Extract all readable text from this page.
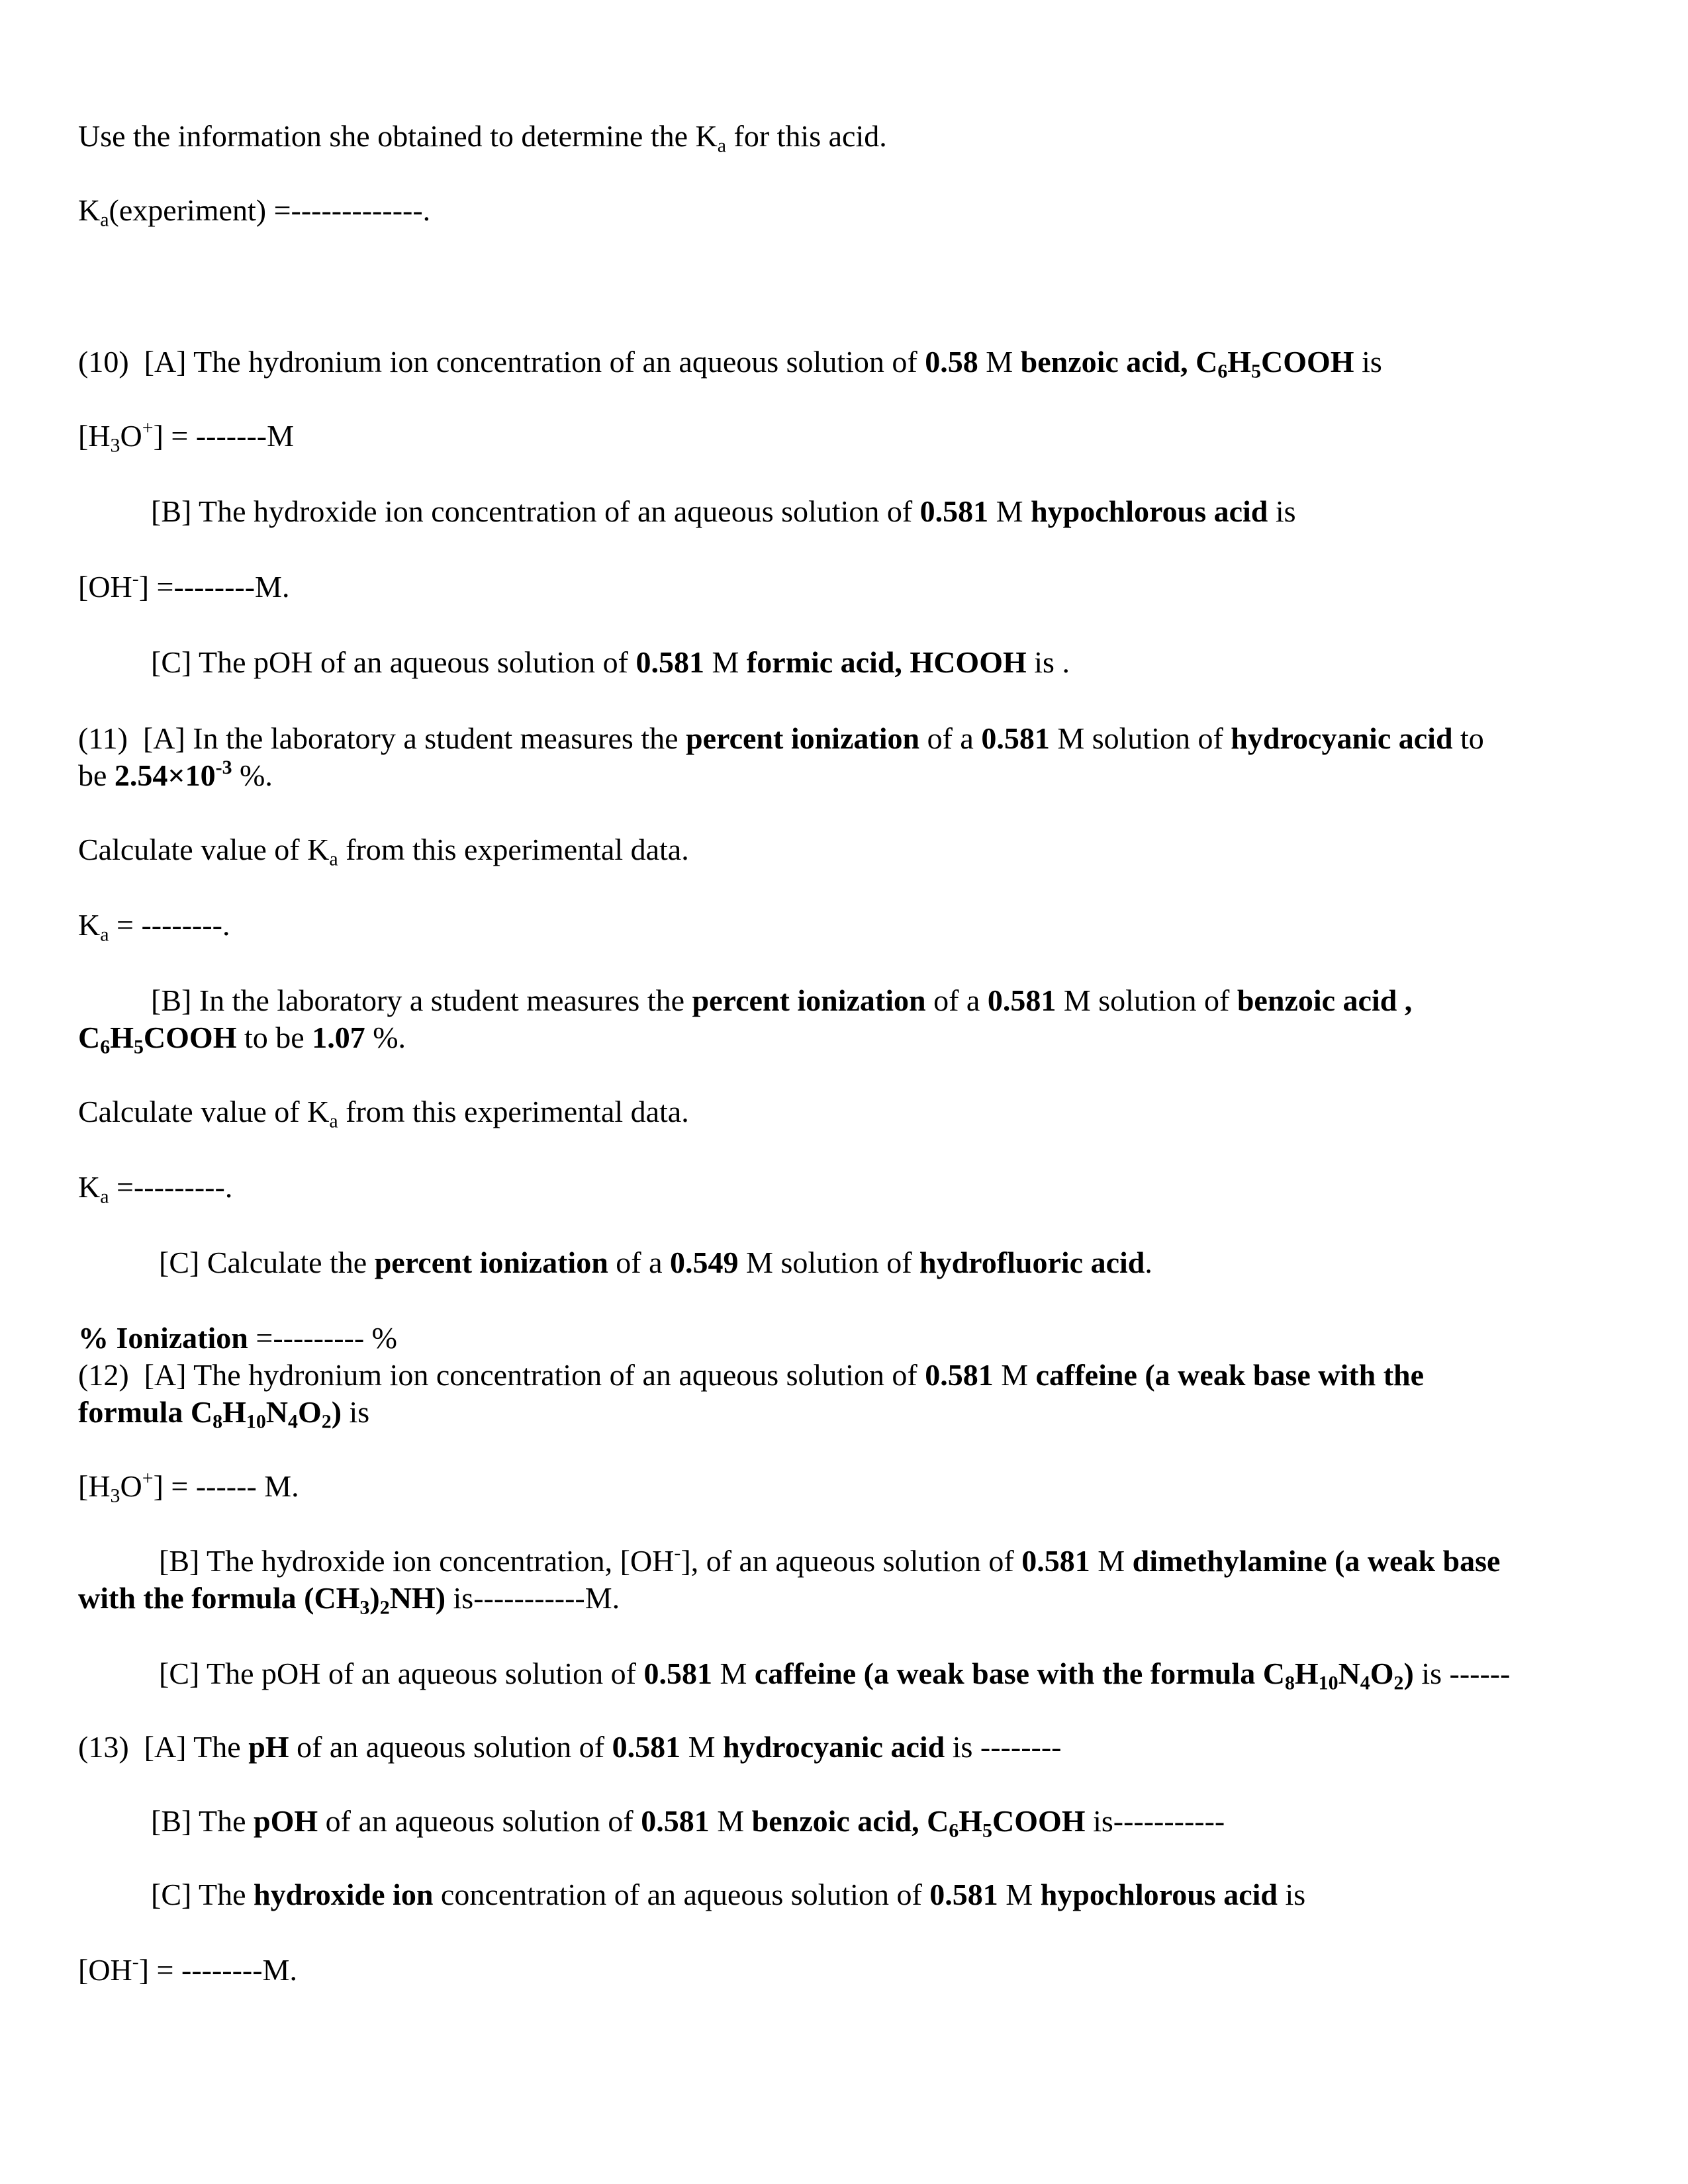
Use the information she obtained to determine the $K_a$ for this acid.
$K_a(experiment)$ =-------------.
(10) [A] The hydronium ion concentration of an aqueous solution of 0.58 M benzoic acid, $C_6H_5COOH$ is
$[H_3O^+] = -------M$
[B] The hydroxide ion concentration of an aqueous solution of 0.581 M hypochlorous acid is
[OH-] =--------M.
[C] The pOH of an aqueous solution of 0.581 M formic acid, HCOOH is .
(11) [A] In the laboratory a student measures the percent ionization of a 0.581 M solution of hydrocyanic acid to
be $2.54\times 10^{-3}$ %.
Calculate value of $K_a$ from this experimental data.
$K_a$ = --------.
[B] In the laboratory a student measures the percent ionization of a 0.581 M solution of benzoic acid ,
$C_6H_5COOH$ to be 1.07 %.
Calculate value of $K_a$ from this experimental data.
$K_a$ =---------.
[C] Calculate the percent ionization of a 0.549 M solution of hydrofluoric acid.
% Ionization =--------- %
(12) [A] The hydronium ion concentration of an aqueous solution of 0.581 M caffeine (a weak base with the
formula $C_8H_{10}N_4O_2$) is
$[H_3O^+]$ = ------ M.
[B] The hydroxide ion concentration, [OH-], of an aqueous solution of 0.581 M dimethylamine (a weak base
with the formula $(CH_3)_2NH$) is-----------M.
[C] The pOH of an aqueous solution of 0.581 M caffeine (a weak base with the formula $C_8H_{10}N_4O_2$) is ------
(13) [A] The pH of an aqueous solution of 0.581 M hydrocyanic acid is --------
[B] The pOH of an aqueous solution of 0.581 M benzoic acid, $C_6H_5COOH$ is-----------
[C] The hydroxide ion concentration of an aqueous solution of 0.581 M hypochlorous acid is
[OH-] = --------M.
